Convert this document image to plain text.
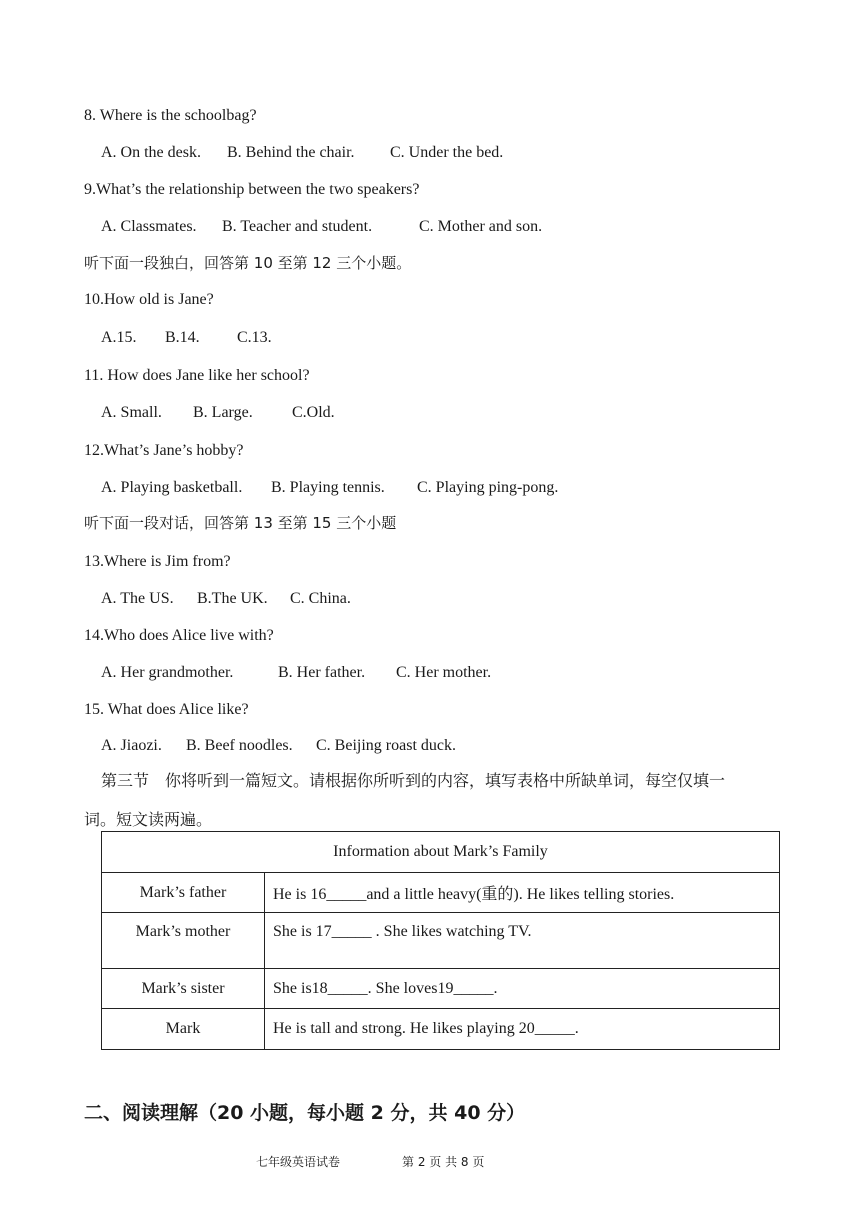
8. Where is the schoolbag?
A. On the desk. B. Behind the chair. C. Under the bed.
9.What’s the relationship between the two speakers?
A. Classmates. B. Teacher and student.	C. Mother and son.
听下面一段独白，回答第 10 至第 12 三个小题。
10.How old is Jane?
A.15. B.14. C.13.
11. How does Jane like her school?
A. Small. B. Large. C.Old.
12.What’s Jane’s hobby?
A. Playing basketball. B. Playing tennis. C. Playing ping-pong.
听下面一段对话，回答第 13 至第 15 三个小题
13.Where is Jim from?
A. The US. B.The UK. C. China.
14.Who does Alice live with?
A. Her grandmother.	B. Her father. C. Her mother.
15. What does Alice like?
A. Jiaozi. B. Beef noodles. C. Beijing roast duck.
第三节　你将听到一篇短文。请根据你所听到的内容，填写表格中所缺单词，每空仅填一
词。短文读两遍。
Information about Mark’s Family	
Mark’s father	He is 16_____and a little heavy(重的). He likes telling stories.
Mark’s mother	She is 17_____ . She likes watching TV.
Mark’s sister	She is18_____. She loves19_____.
Mark	He is tall and strong. He likes playing 20_____.
二、阅读理解（20 小题，每小题 2 分，共 40 分）
七年级英语试卷	第 2 页 共 8 页
